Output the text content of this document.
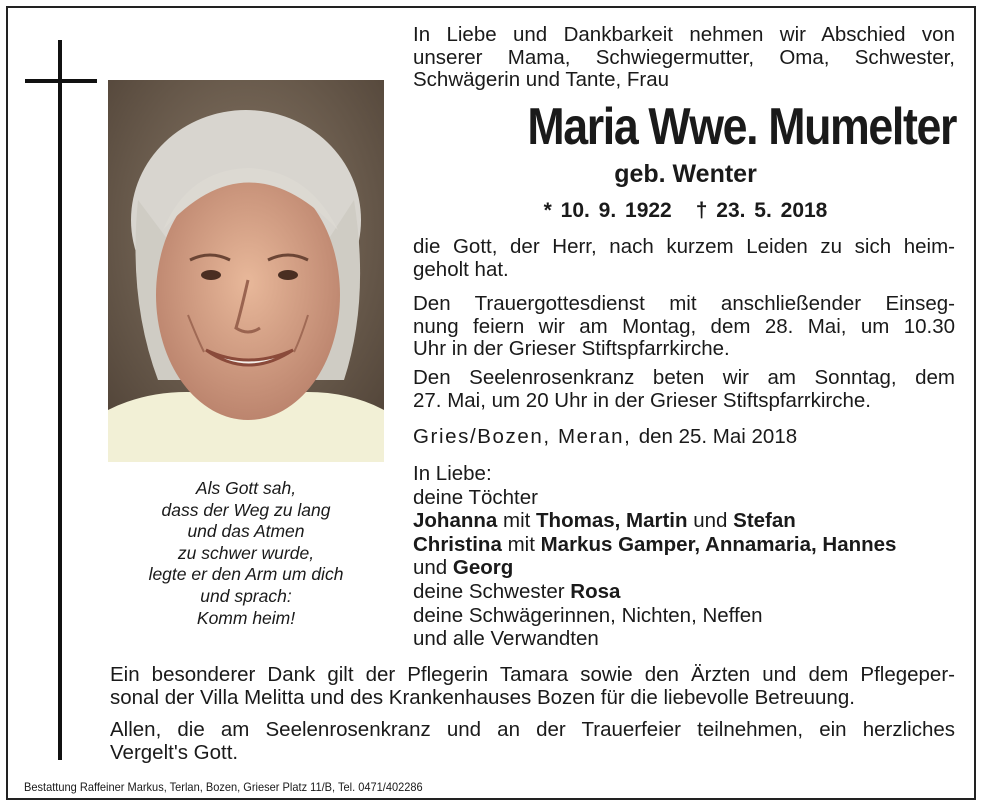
Als Gott sah,
dass der Weg zu lang
und das Atmen
zu schwer wurde,
legte er den Arm um dich
und sprach:
Komm heim!
In Liebe und Dankbarkeit nehmen wir Abschied von
unserer Mama, Schwiegermutter, Oma, Schwester,
Schwägerin und Tante, Frau
Maria Wwe. Mumelter
geb. Wenter
* 10. 9. 1922 † 23. 5. 2018
die Gott, der Herr, nach kurzem Leiden zu sich heim-
geholt hat.
Den Trauergottesdienst mit anschließender Einseg-
nung feiern wir am Montag, dem 28. Mai, um 10.30
Uhr in der Grieser Stiftspfarrkirche.
Den Seelenrosenkranz beten wir am Sonntag, dem
27. Mai, um 20 Uhr in der Grieser Stiftspfarrkirche.
Gries/Bozen, Meran, den 25. Mai 2018
In Liebe:
deine Töchter
Johanna mit Thomas, Martin und Stefan
Christina mit Markus Gamper, Annamaria, Hannes
und Georg
deine Schwester Rosa
deine Schwägerinnen, Nichten, Neffen
und alle Verwandten
Ein besonderer Dank gilt der Pflegerin Tamara sowie den Ärzten und dem Pflegeper-
sonal der Villa Melitta und des Krankenhauses Bozen für die liebevolle Betreuung.
Allen, die am Seelenrosenkranz und an der Trauerfeier teilnehmen, ein herzliches
Vergelt's Gott.
Bestattung Raffeiner Markus, Terlan, Bozen, Grieser Platz 11/B, Tel. 0471/402286
